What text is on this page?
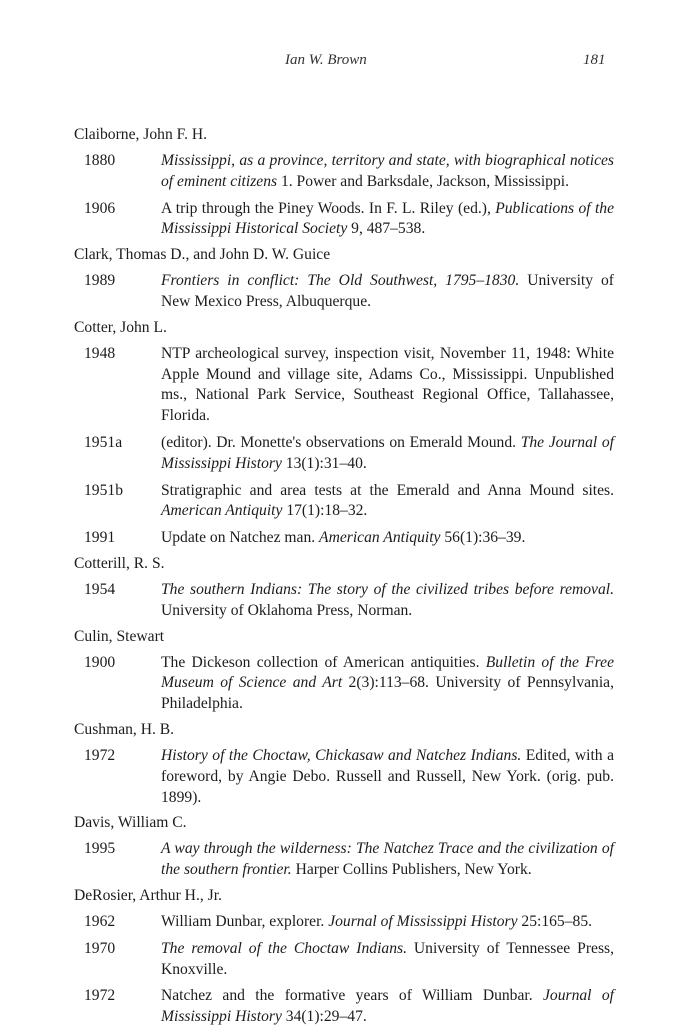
Ian W. Brown	181
Claiborne, John F. H.
1880	Mississippi, as a province, territory and state, with biographical notices of eminent citizens 1. Power and Barksdale, Jackson, Mississippi.
1906	A trip through the Piney Woods. In F. L. Riley (ed.), Publications of the Mississippi Historical Society 9, 487–538.
Clark, Thomas D., and John D. W. Guice
1989	Frontiers in conflict: The Old Southwest, 1795–1830. University of New Mexico Press, Albuquerque.
Cotter, John L.
1948	NTP archeological survey, inspection visit, November 11, 1948: White Apple Mound and village site, Adams Co., Mississippi. Unpublished ms., National Park Service, Southeast Regional Office, Tallahassee, Florida.
1951a (editor). Dr. Monette's observations on Emerald Mound. The Journal of Mississippi History 13(1):31–40.
1951b Stratigraphic and area tests at the Emerald and Anna Mound sites. American Antiquity 17(1):18–32.
1991	Update on Natchez man. American Antiquity 56(1):36–39.
Cotterill, R. S.
1954	The southern Indians: The story of the civilized tribes before removal. University of Oklahoma Press, Norman.
Culin, Stewart
1900	The Dickeson collection of American antiquities. Bulletin of the Free Museum of Science and Art 2(3):113–68. University of Pennsylvania, Philadelphia.
Cushman, H. B.
1972	History of the Choctaw, Chickasaw and Natchez Indians. Edited, with a foreword, by Angie Debo. Russell and Russell, New York. (orig. pub. 1899).
Davis, William C.
1995	A way through the wilderness: The Natchez Trace and the civilization of the southern frontier. Harper Collins Publishers, New York.
DeRosier, Arthur H., Jr.
1962	William Dunbar, explorer. Journal of Mississippi History 25:165–85.
1970	The removal of the Choctaw Indians. University of Tennessee Press, Knoxville.
1972	Natchez and the formative years of William Dunbar. Journal of Mississippi History 34(1):29–47.
